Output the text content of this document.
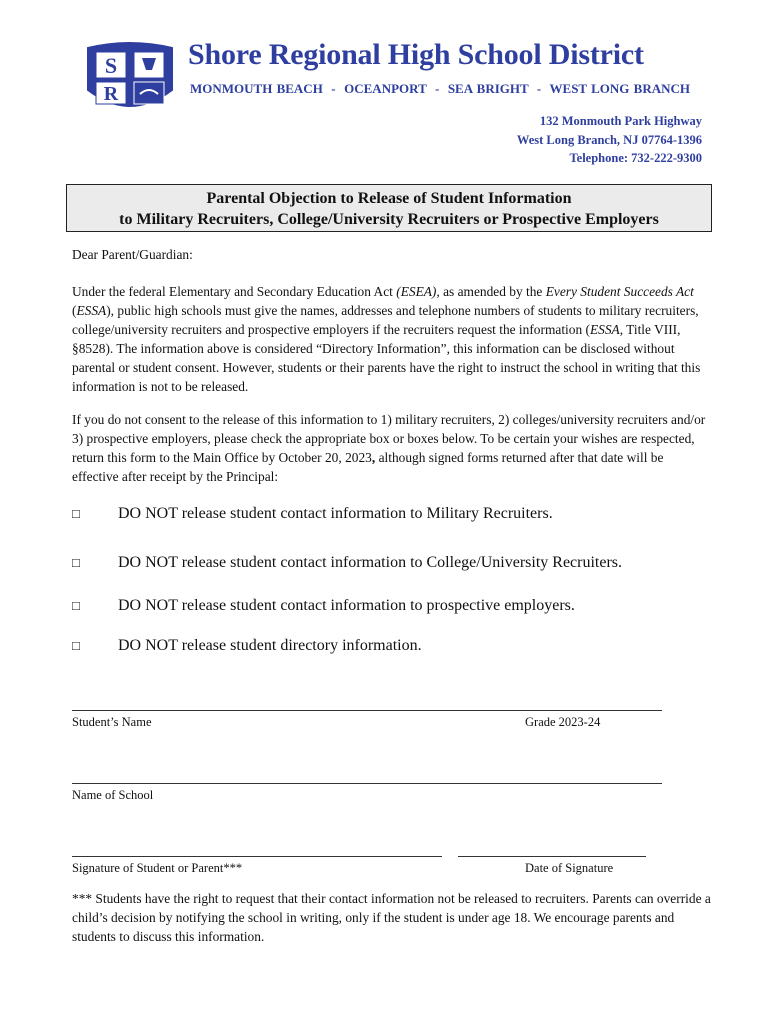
S
R
Shore Regional High School District
MONMOUTH BEACH  -  OCEANPORT  -  SEA BRIGHT  -  WEST LONG BRANCH
132 Monmouth Park Highway
West Long Branch, NJ 07764-1396
Telephone: 732-222-9300
Parental Objection to Release of Student Information
to Military Recruiters, College/University Recruiters or Prospective Employers
Dear Parent/Guardian:

Under the federal Elementary and Secondary Education Act (ESEA), as amended by the Every Student Succeeds Act (ESSA), public high schools must give the names, addresses and telephone numbers of students to military recruiters, college/university recruiters and prospective employers if the recruiters request the information (ESSA, Title VIII, §8528). The information above is considered “Directory Information”, this information can be disclosed without parental or student consent. However, students or their parents have the right to instruct the school in writing that this information is not to be released.

If you do not consent to the release of this information to 1) military recruiters, 2) colleges/university recruiters and/or 3) prospective employers, please check the appropriate box or boxes below. To be certain your wishes are respected, return this form to the Main Office by October 20, 2023, although signed forms returned after that date will be effective after receipt by the Principal:

□ DO NOT release student contact information to Military Recruiters.
□ DO NOT release student contact information to College/University Recruiters.
□ DO NOT release student contact information to prospective employers.
□ DO NOT release student directory information.
Student’s Name	Grade 2023-24
Name of School
Signature of Student or Parent***	Date of Signature
*** Students have the right to request that their contact information not be released to recruiters. Parents can override a child’s decision by notifying the school in writing, only if the student is under age 18. We encourage parents and students to discuss this information.
